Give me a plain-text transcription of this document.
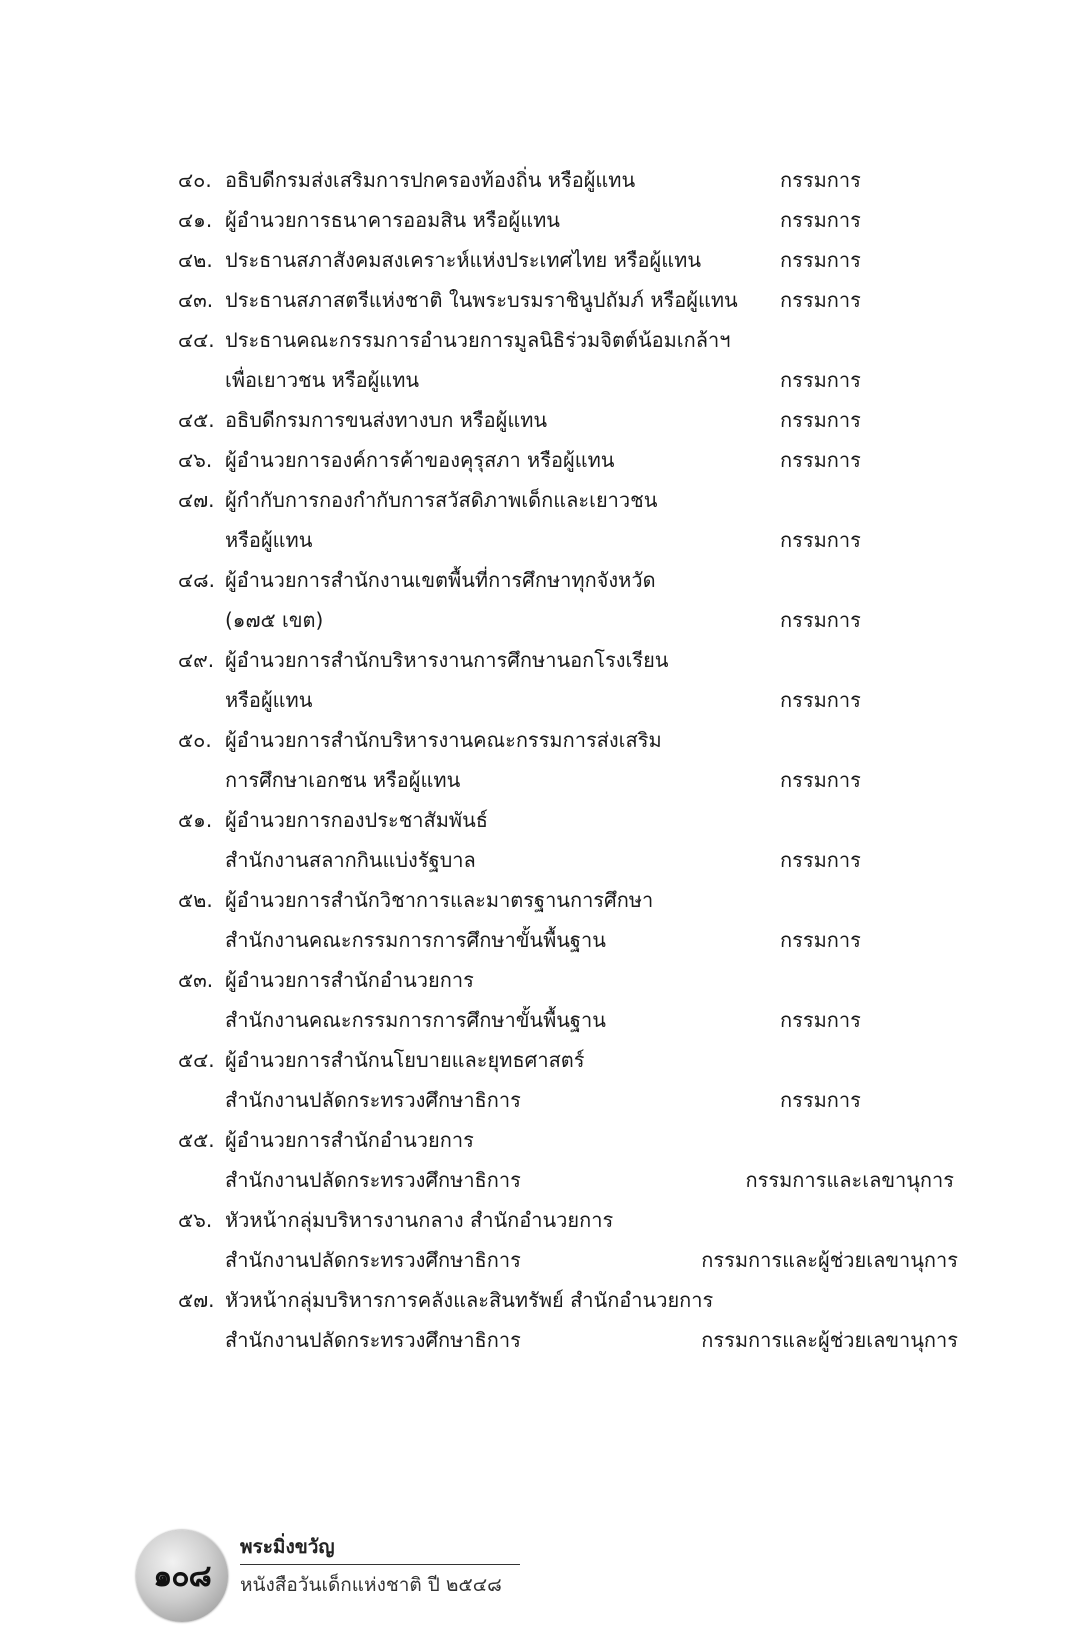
๔๐. อธิบดีกรมส่งเสริมการปกครองท้องถิ่น หรือผู้แทน	กรรมการ
๔๑. ผู้อำนวยการธนาคารออมสิน หรือผู้แทน	กรรมการ
๔๒. ประธานสภาสังคมสงเคราะห์แห่งประเทศไทย หรือผู้แทน	กรรมการ
๔๓. ประธานสภาสตรีแห่งชาติ ในพระบรมราชินูปถัมภ์ หรือผู้แทน กรรมการ
๔๔. ประธานคณะกรรมการอำนวยการมูลนิธิร่วมจิตต์น้อมเกล้าฯ
เพื่อเยาวชน หรือผู้แทน	กรรมการ
๔๕. อธิบดีกรมการขนส่งทางบก หรือผู้แทน	กรรมการ
๔๖. ผู้อำนวยการองค์การค้าของคุรุสภา หรือผู้แทน	กรรมการ
๔๗. ผู้กำกับการกองกำกับการสวัสดิภาพเด็กและเยาวชน
หรือผู้แทน	กรรมการ
๔๘. ผู้อำนวยการสำนักงานเขตพื้นที่การศึกษาทุกจังหวัด
(๑๗๕ เขต)	กรรมการ
๔๙. ผู้อำนวยการสำนักบริหารงานการศึกษานอกโรงเรียน
หรือผู้แทน	กรรมการ
๕๐. ผู้อำนวยการสำนักบริหารงานคณะกรรมการส่งเสริม
การศึกษาเอกชน หรือผู้แทน	กรรมการ
๕๑. ผู้อำนวยการกองประชาสัมพันธ์
สำนักงานสลากกินแบ่งรัฐบาล	กรรมการ
๕๒. ผู้อำนวยการสำนักวิชาการและมาตรฐานการศึกษา
สำนักงานคณะกรรมการการศึกษาขั้นพื้นฐาน	กรรมการ
๕๓. ผู้อำนวยการสำนักอำนวยการ
สำนักงานคณะกรรมการการศึกษาขั้นพื้นฐาน	กรรมการ
๕๔. ผู้อำนวยการสำนักนโยบายและยุทธศาสตร์
สำนักงานปลัดกระทรวงศึกษาธิการ	กรรมการ
๕๕. ผู้อำนวยการสำนักอำนวยการ
สำนักงานปลัดกระทรวงศึกษาธิการ	กรรมการและเลขานุการ
๕๖. หัวหน้ากลุ่มบริหารงานกลาง สำนักอำนวยการ
สำนักงานปลัดกระทรวงศึกษาธิการ	กรรมการและผู้ช่วยเลขานุการ
๕๗. หัวหน้ากลุ่มบริหารการคลังและสินทรัพย์ สำนักอำนวยการ
สำนักงานปลัดกระทรวงศึกษาธิการ	กรรมการและผู้ช่วยเลขานุการ
๑๐๘
พระมิ่งขวัญ
หนังสือวันเด็กแห่งชาติ ปี ๒๕๔๘
